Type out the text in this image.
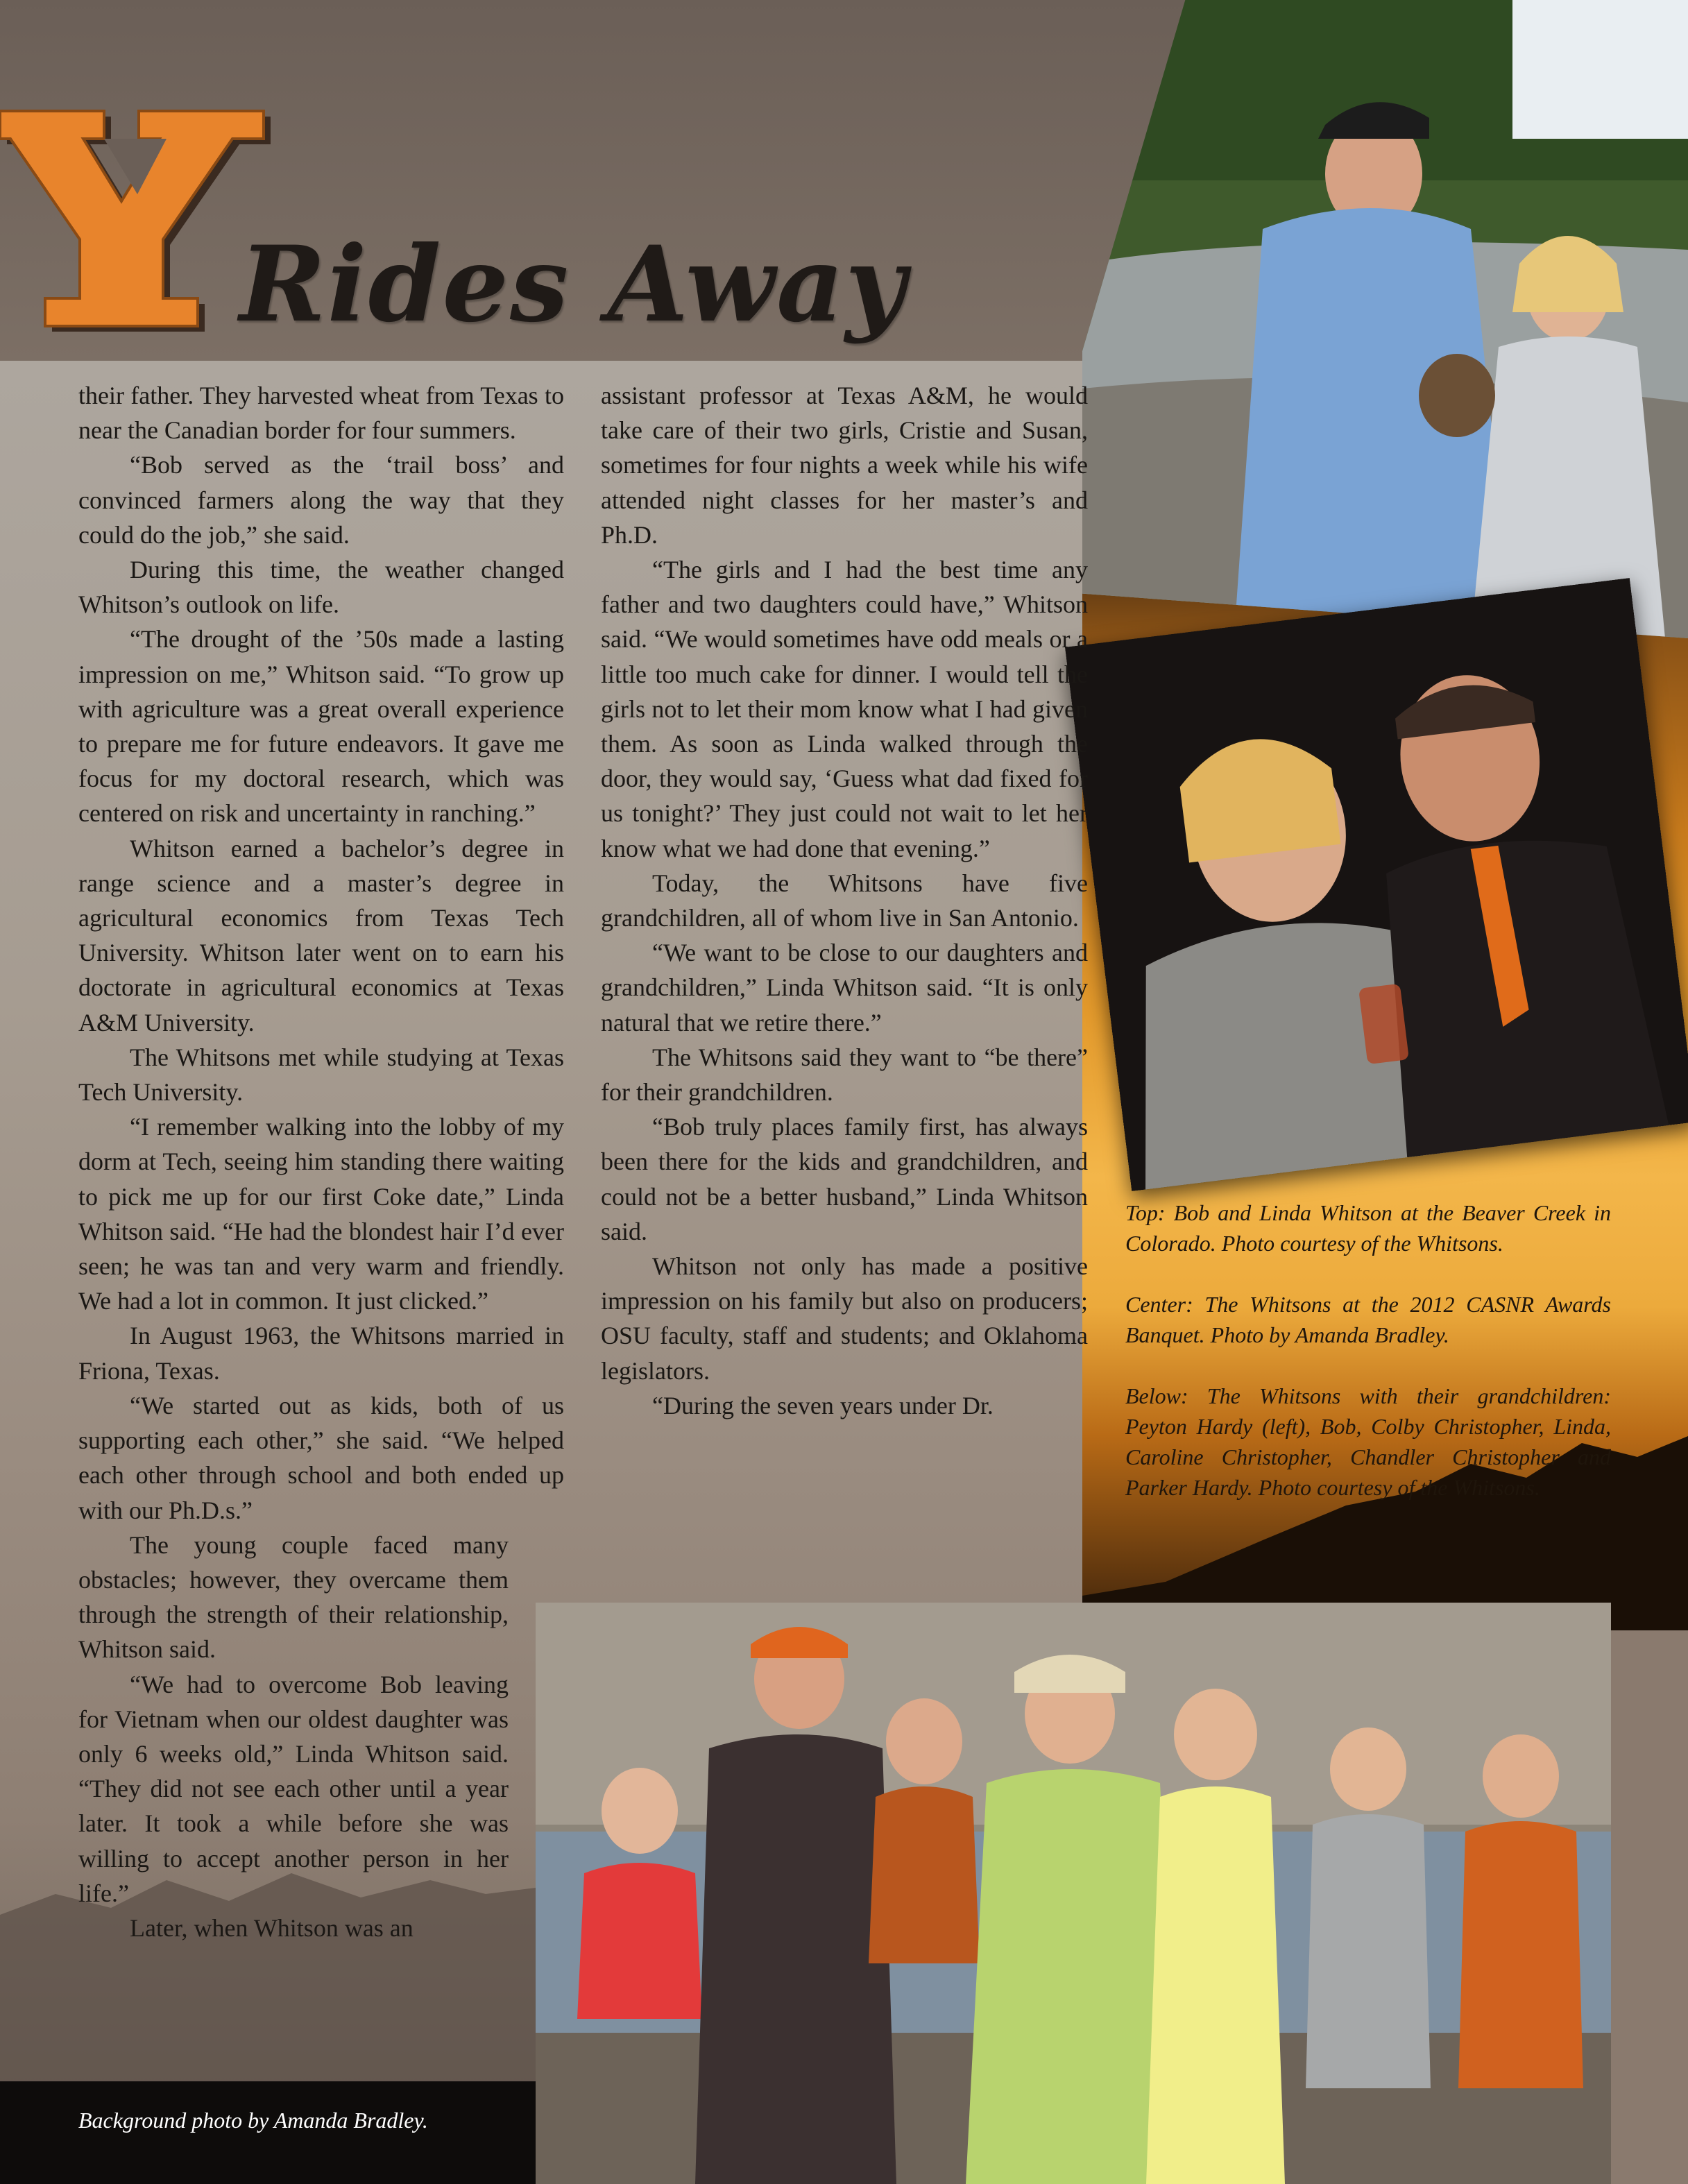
Rides Away

their father. They harvested wheat from Texas to near the Canadian border for four summers.

“Bob served as the ‘trail boss’ and convinced farmers along the way that they could do the job,” she said.

During this time, the weather changed Whitson’s outlook on life.

“The drought of the ’50s made a lasting impression on me,” Whitson said. “To grow up with agriculture was a great overall experience to prepare me for future endeavors. It gave me focus for my doctoral research, which was centered on risk and uncertainty in ranching.”

Whitson earned a bachelor’s degree in range science and a master’s degree in agricultural economics from Texas Tech University. Whitson later went on to earn his doctorate in agricultural economics at Texas A&M University.

The Whitsons met while studying at Texas Tech University.

“I remember walking into the lobby of my dorm at Tech, seeing him standing there waiting to pick me up for our first Coke date,” Linda Whitson said. “He had the blondest hair I’d ever seen; he was tan and very warm and friendly. We had a lot in common. It just clicked.”

In August 1963, the Whitsons married in Friona, Texas.

“We started out as kids, both of us supporting each other,” she said. “We helped each other through school and both ended up with our Ph.D.s.”

The young couple faced many obstacles; however, they overcame them through the strength of their relationship, Whitson said.

“We had to overcome Bob leaving for Vietnam when our oldest daughter was only 6 weeks old,” Linda Whitson said. “They did not see each other until a year later. It took a while before she was willing to accept another person in her life.”

Later, when Whitson was an

assistant professor at Texas A&M, he would take care of their two girls, Cristie and Susan, sometimes for four nights a week while his wife attended night classes for her master’s and Ph.D.

“The girls and I had the best time any father and two daughters could have,” Whitson said. “We would sometimes have odd meals or a little too much cake for dinner. I would tell the girls not to let their mom know what I had given them. As soon as Linda walked through the door, they would say, ‘Guess what dad fixed for us tonight?’ They just could not wait to let her know what we had done that evening.”

Today, the Whitsons have five grandchildren, all of whom live in San Antonio.

“We want to be close to our daughters and grandchildren,” Linda Whitson said. “It is only natural that we retire there.”

The Whitsons said they want to “be there” for their grandchildren.

“Bob truly places family first, has always been there for the kids and grandchildren, and could not be a better husband,” Linda Whitson said.

Whitson not only has made a positive impression on his family but also on producers; OSU faculty, staff and students; and Oklahoma legislators.

“During the seven years under Dr.

Top: Bob and Linda Whitson at the Beaver Creek in Colorado. Photo courtesy of the Whitsons.

Center: The Whitsons at the 2012 CASNR Awards Banquet. Photo by Amanda Bradley.

Below: The Whitsons with their grandchildren: Peyton Hardy (left), Bob, Colby Christopher, Linda, Caroline Christopher, Chandler Christopher and Parker Hardy. Photo courtesy of the Whitsons.

Background photo by Amanda Bradley.
